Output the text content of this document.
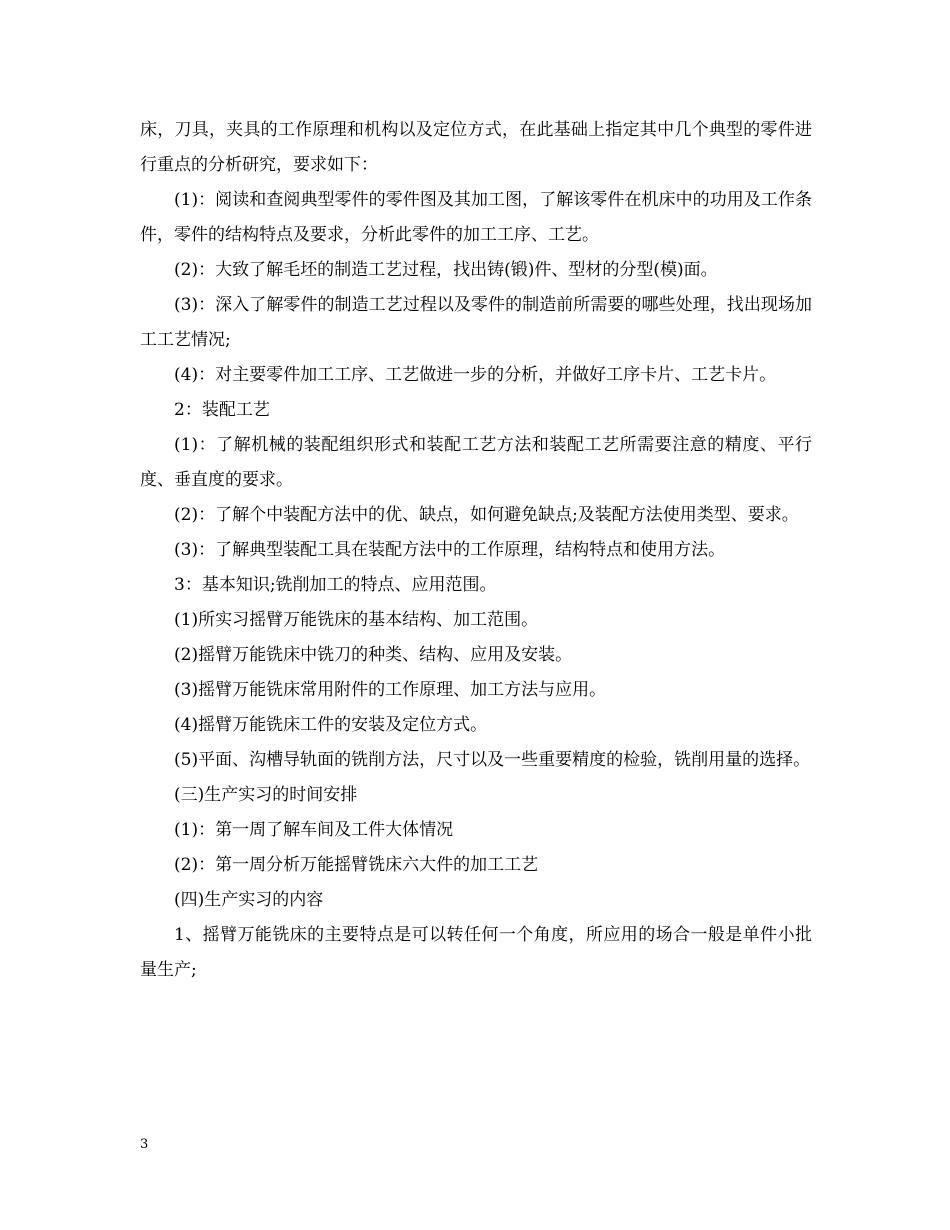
床，刀具，夹具的工作原理和机构以及定位方式，在此基础上指定其中几个典型的零件进行重点的分析研究，要求如下：

(1)：阅读和查阅典型零件的零件图及其加工图，了解该零件在机床中的功用及工作条件，零件的结构特点及要求，分析此零件的加工工序、工艺。

(2)：大致了解毛坯的制造工艺过程，找出铸(锻)件、型材的分型(模)面。

(3)：深入了解零件的制造工艺过程以及零件的制造前所需要的哪些处理，找出现场加工工艺情况;

(4)：对主要零件加工工序、工艺做进一步的分析，并做好工序卡片、工艺卡片。

2：装配工艺

(1)：了解机械的装配组织形式和装配工艺方法和装配工艺所需要注意的精度、平行度、垂直度的要求。

(2)：了解个中装配方法中的优、缺点，如何避免缺点;及装配方法使用类型、要求。

(3)：了解典型装配工具在装配方法中的工作原理，结构特点和使用方法。

3：基本知识;铣削加工的特点、应用范围。

(1)所实习摇臂万能铣床的基本结构、加工范围。

(2)摇臂万能铣床中铣刀的种类、结构、应用及安装。

(3)摇臂万能铣床常用附件的工作原理、加工方法与应用。

(4)摇臂万能铣床工件的安装及定位方式。

(5)平面、沟槽导轨面的铣削方法，尺寸以及一些重要精度的检验，铣削用量的选择。

(三)生产实习的时间安排

(1)：第一周了解车间及工件大体情况

(2)：第一周分析万能摇臂铣床六大件的加工工艺

(四)生产实习的内容

1、摇臂万能铣床的主要特点是可以转任何一个角度，所应用的场合一般是单件小批量生产;

3
